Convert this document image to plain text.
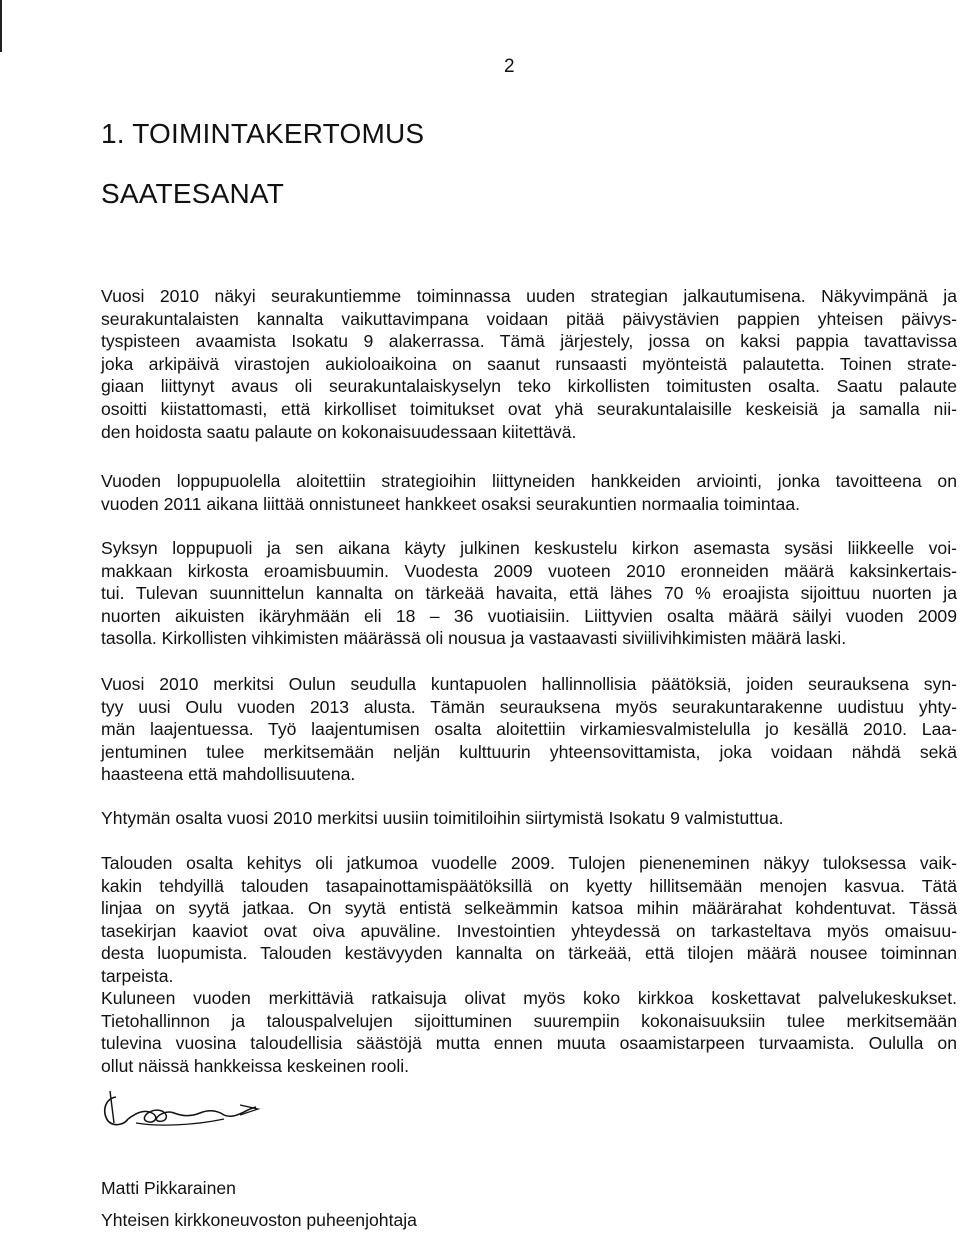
2
1. TOIMINTAKERTOMUS
SAATESANAT

Vuosi 2010 näkyi seurakuntiemme toiminnassa uuden strategian jalkautumisena. Näkyvimpänä ja
seurakuntalaisten kannalta vaikuttavimpana voidaan pitää päivystävien pappien yhteisen päivys-
tyspisteen avaamista Isokatu 9 alakerrassa. Tämä järjestely, jossa on kaksi pappia tavattavissa
joka arkipäivä virastojen aukioloaikoina on saanut runsaasti myönteistä palautetta. Toinen strate-
giaan liittynyt avaus oli seurakuntalaiskyselyn teko kirkollisten toimitusten osalta. Saatu palaute
osoitti kiistattomasti, että kirkolliset toimitukset ovat yhä seurakuntalaisille keskeisiä ja samalla nii-
den hoidosta saatu palaute on kokonaisuudessaan kiitettävä.

Vuoden loppupuolella aloitettiin strategioihin liittyneiden hankkeiden arviointi, jonka tavoitteena on
vuoden 2011 aikana liittää onnistuneet hankkeet osaksi seurakuntien normaalia toimintaa.

Syksyn loppupuoli ja sen aikana käyty julkinen keskustelu kirkon asemasta sysäsi liikkeelle voi-
makkaan kirkosta eroamisbuumin. Vuodesta 2009 vuoteen 2010 eronneiden määrä kaksinkertais-
tui. Tulevan suunnittelun kannalta on tärkeää havaita, että lähes 70 % eroajista sijoittuu nuorten ja
nuorten aikuisten ikäryhmään eli 18 – 36 vuotiaisiin. Liittyvien osalta määrä säilyi vuoden 2009
tasolla. Kirkollisten vihkimisten määrässä oli nousua ja vastaavasti siviilivihkimisten määrä laski.

Vuosi 2010 merkitsi Oulun seudulla kuntapuolen hallinnollisia päätöksiä, joiden seurauksena syn-
tyy uusi Oulu vuoden 2013 alusta. Tämän seurauksena myös seurakuntarakenne uudistuu yhty-
män laajentuessa. Työ laajentumisen osalta aloitettiin virkamiesvalmistelulla jo kesällä 2010. Laa-
jentuminen tulee merkitsemään neljän kulttuurin yhteensovittamista, joka voidaan nähdä sekä
haasteena että mahdollisuutena.

Yhtymän osalta vuosi 2010 merkitsi uusiin toimitiloihin siirtymistä Isokatu 9 valmistuttua.

Talouden osalta kehitys oli jatkumoa vuodelle 2009. Tulojen pieneneminen näkyy tuloksessa vaik-
kakin tehdyillä talouden tasapainottamispäätöksillä on kyetty hillitsemään menojen kasvua. Tätä
linjaa on syytä jatkaa. On syytä entistä selkeämmin katsoa mihin määrärahat kohdentuvat. Tässä
tasekirjan kaaviot ovat oiva apuväline. Investointien yhteydessä on tarkasteltava myös omaisuu-
desta luopumista. Talouden kestävyyden kannalta on tärkeää, että tilojen määrä nousee toiminnan
tarpeista.

Kuluneen vuoden merkittäviä ratkaisuja olivat myös koko kirkkoa koskettavat palvelukeskukset.
Tietohallinnon ja talouspalvelujen sijoittuminen suurempiin kokonaisuuksiin tulee merkitsemään
tulevina vuosina taloudellisia säästöjä mutta ennen muuta osaamistarpeen turvaamista. Oululla on
ollut näissä hankkeissa keskeinen rooli.

Matti Pikkarainen
Yhteisen kirkkoneuvoston puheenjohtaja
